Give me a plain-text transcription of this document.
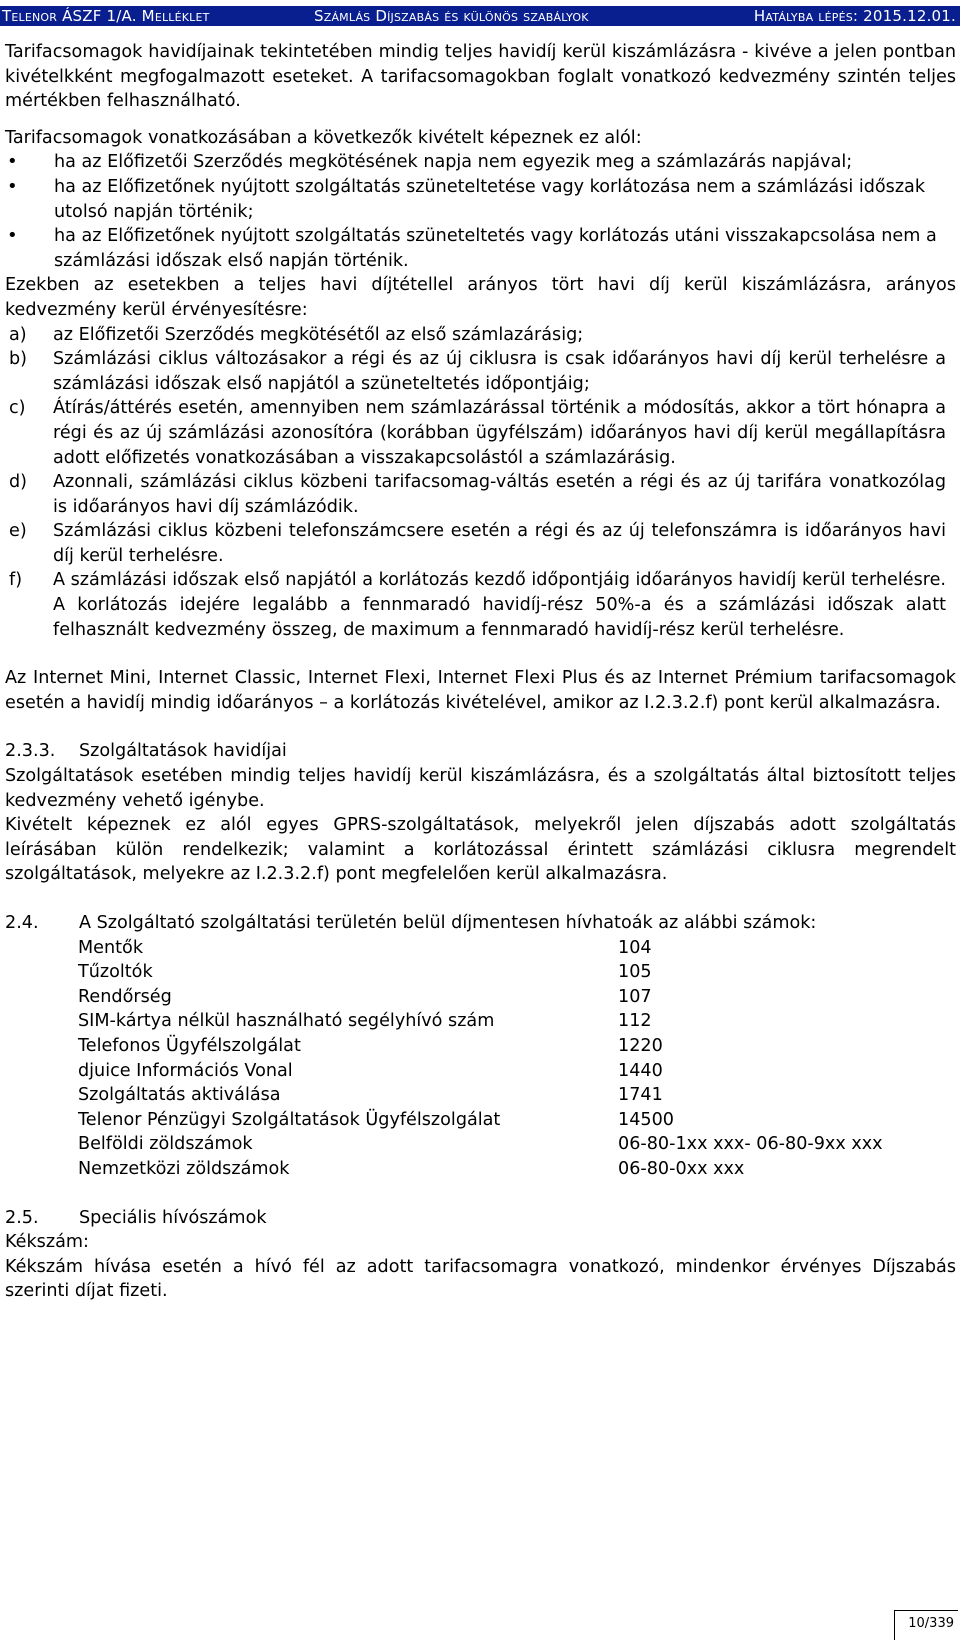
Telenor ÁSZF 1/A. Melléklet	Számlás Díjszabás és különös szabályok	Hatályba lépés: 2015.12.01.

Tarifacsomagok havidíjainak tekintetében mindig teljes havidíj kerül kiszámlázásra - kivéve a jelen pontban kivételkként megfogalmazott eseteket. A tarifacsomagokban foglalt vonatkozó kedvezmény szintén teljes mértékben felhasználható.

Tarifacsomagok vonatkozásában a következők kivételt képeznek ez alól:

• ha az Előfizetői Szerződés megkötésének napja nem egyezik meg a számlazárás napjával;
• ha az Előfizetőnek nyújtott szolgáltatás szüneteltetése vagy korlátozása nem a számlázási időszak utolsó napján történik;
• ha az Előfizetőnek nyújtott szolgáltatás szüneteltetés vagy korlátozás utáni visszakapcsolása nem a számlázási időszak első napján történik.

Ezekben az esetekben a teljes havi díjtétellel arányos tört havi díj kerül kiszámlázásra, arányos kedvezmény kerül érvényesítésre:

a)	az Előfizetői Szerződés megkötésétől az első számlazárásig;
b)	Számlázási ciklus változásakor a régi és az új ciklusra is csak időarányos havi díj kerül terhelésre a számlázási időszak első napjától a szüneteltetés időpontjáig;
c)	Átírás/áttérés esetén, amennyiben nem számlazárással történik a módosítás, akkor a tört hónapra a régi és az új számlázási azonosítóra (korábban ügyfélszám) időarányos havi díj kerül megállapításra adott előfizetés vonatkozásában a visszakapcsolástól a számlazárásig.
d)	Azonnali, számlázási ciklus közbeni tarifacsomag-váltás esetén a régi és az új tarifára vonatkozólag is időarányos havi díj számlázódik.
e)	Számlázási ciklus közbeni telefonszámcsere esetén a régi és az új telefonszámra is időarányos havi díj kerül terhelésre.
f)	A számlázási időszak első napjától a korlátozás kezdő időpontjáig időarányos havidíj kerül terhelésre. A korlátozás idejére legalább a fennmaradó havidíj-rész 50%-a és a számlázási időszak alatt felhasznált kedvezmény összeg, de maximum a fennmaradó havidíj-rész kerül terhelésre.

Az Internet Mini, Internet Classic, Internet Flexi, Internet Flexi Plus és az Internet Prémium tarifacsomagok esetén a havidíj mindig időarányos – a korlátozás kivételével, amikor az I.2.3.2.f) pont kerül alkalmazásra.

2.3.3.	Szolgáltatások havidíjai

Szolgáltatások esetében mindig teljes havidíj kerül kiszámlázásra, és a szolgáltatás által biztosított teljes kedvezmény vehető igénybe.

Kivételt képeznek ez alól egyes GPRS-szolgáltatások, melyekről jelen díjszabás adott szolgáltatás leírásában külön rendelkezik; valamint a korlátozással érintett számlázási ciklusra megrendelt szolgáltatások, melyekre az I.2.3.2.f) pont megfelelően kerül alkalmazásra.

2.4.	A Szolgáltató szolgáltatási területén belül díjmentesen hívhatoák az alábbi számok:
Mentők	104
Tűzoltók	105
Rendőrség	107
SIM-kártya nélkül használható segélyhívó szám	112
Telefonos Ügyfélszolgálat	1220
djuice Információs Vonal	1440
Szolgáltatás aktiválása	1741
Telenor Pénzügyi Szolgáltatások Ügyfélszolgálat	14500
Belföldi zöldszámok	06-80-1xx xxx- 06-80-9xx xxx
Nemzetközi zöldszámok	06-80-0xx xxx
2.5.	Speciális hívószámok

Kékszám:

Kékszám hívása esetén a hívó fél az adott tarifacsomagra vonatkozó, mindenkor érvényes Díjszabás szerinti díjat fizeti.

10/339
